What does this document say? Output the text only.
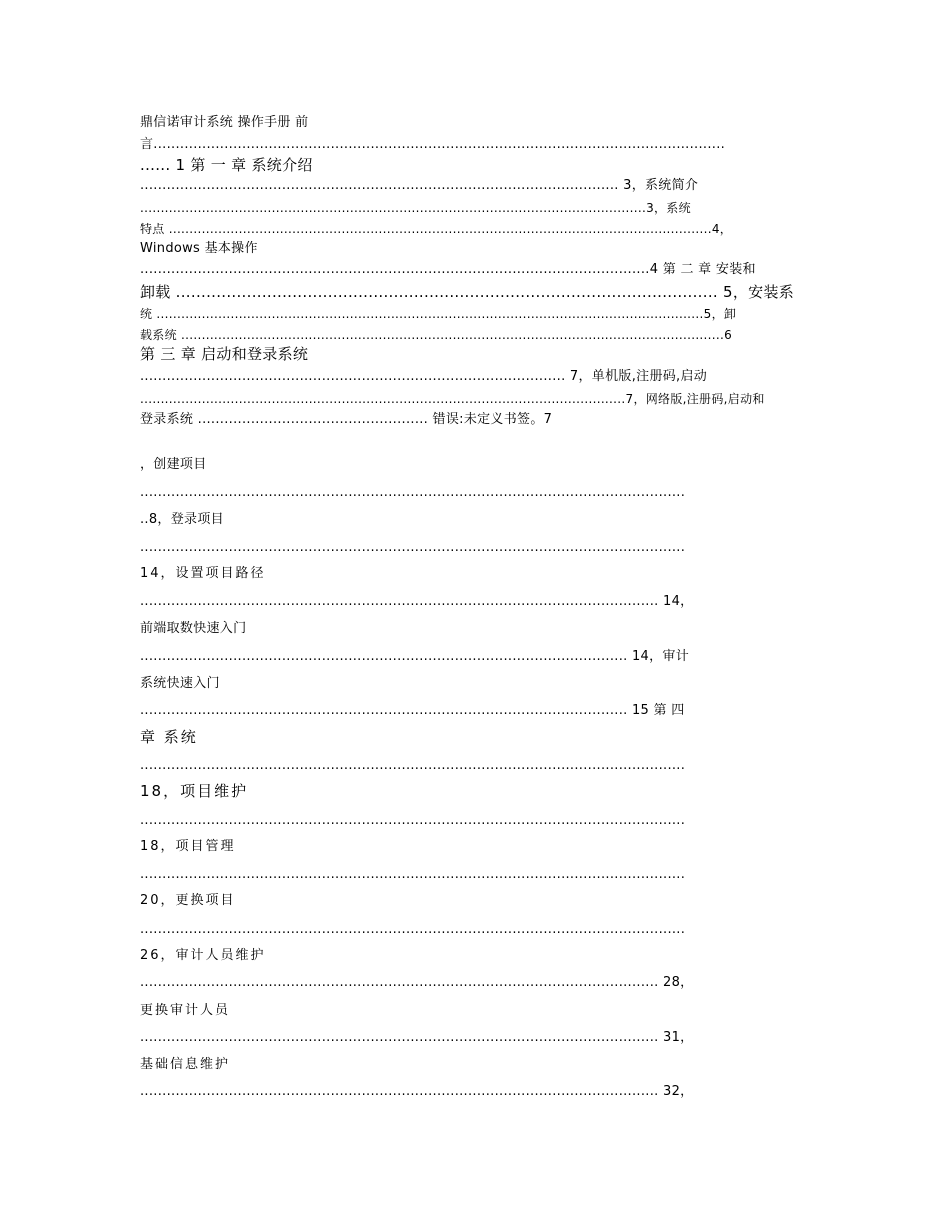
鼎信诺审计系统 操作手册 前
言.................................................................................................................................
...... 1 第 一 章 系统介绍
............................................................................................................ 3，系统简介
...........................................................................................................................3，系统
特点 ....................................................................................................................................4，
Windows 基本操作
...................................................................................................................4 第 二 章 安装和
卸载 ........................................................................................................... 5，安装系
统 .....................................................................................................................................5，卸
载系统 ....................................................................................................................................6
第 三 章 启动和登录系统
................................................................................................ 7，单机版,注册码,启动
......................................................................................................................7，网络版,注册码,启动和
登录系统 .................................................... 错误:未定义书签。7
，创建项目
...........................................................................................................................
..8，登录项目
...........................................................................................................................
14，设置项目路径
..................................................................................................................... 14，
前端取数快速入门
.............................................................................................................. 14，审计
系统快速入门
.............................................................................................................. 15 第 四
章 系统
...........................................................................................................................
18，项目维护
...........................................................................................................................
18，项目管理
...........................................................................................................................
20，更换项目
...........................................................................................................................
26，审计人员维护
..................................................................................................................... 28，
更换审计人员
..................................................................................................................... 31，
基础信息维护
..................................................................................................................... 32，
